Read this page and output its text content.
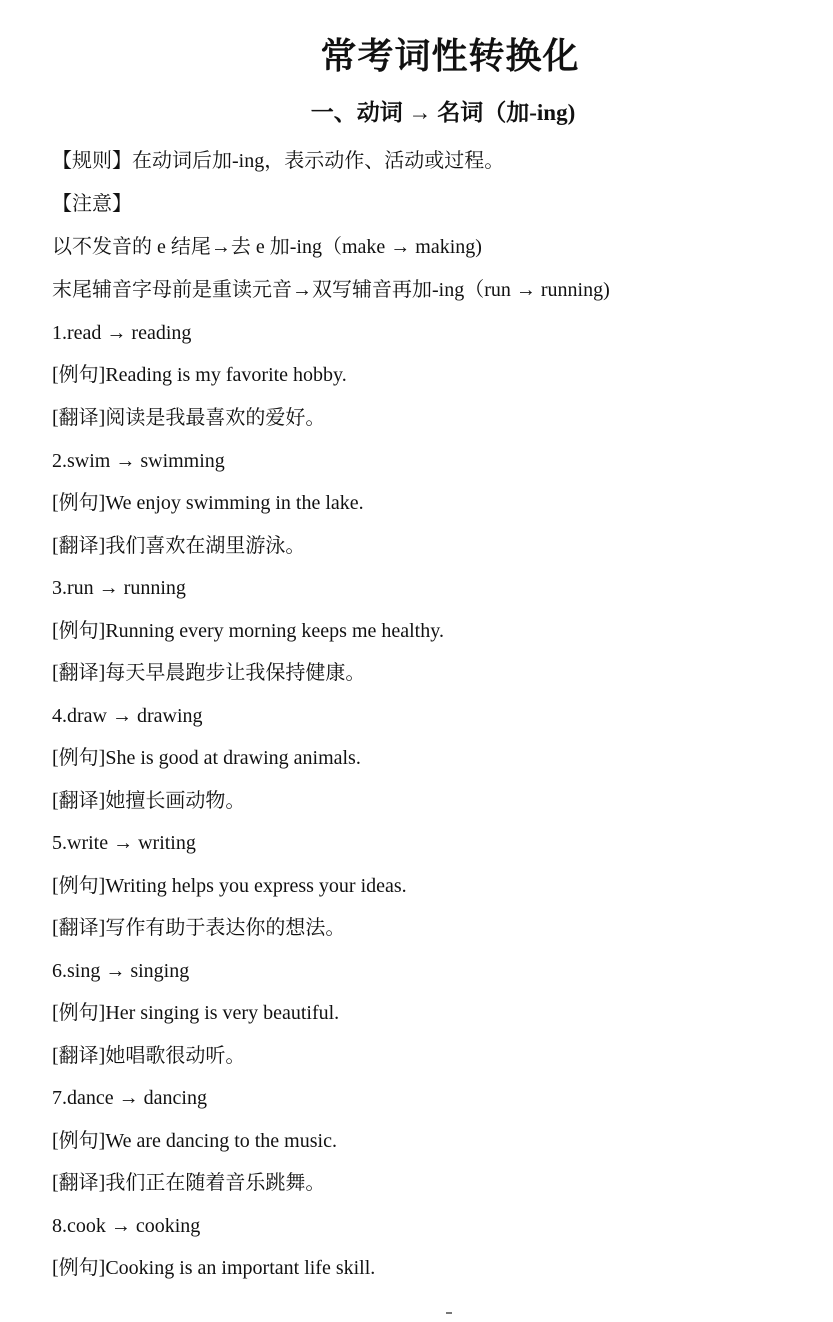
常考词性转换化
一、动词 → 名词（加-ing)
【规则】在动词后加-ing，表示动作、活动或过程。
【注意】
以不发音的 e 结尾→去 e 加-ing（make → making)
末尾辅音字母前是重读元音→双写辅音再加-ing（run → running)
1.read → reading
[例句]Reading is my favorite hobby.
[翻译]阅读是我最喜欢的爱好。
2.swim → swimming
[例句]We enjoy swimming in the lake.
[翻译]我们喜欢在湖里游泳。
3.run → running
[例句]Running every morning keeps me healthy.
[翻译]每天早晨跑步让我保持健康。
4.draw → drawing
[例句]She is good at drawing animals.
[翻译]她擅长画动物。
5.write → writing
[例句]Writing helps you express your ideas.
[翻译]写作有助于表达你的想法。
6.sing → singing
[例句]Her singing is very beautiful.
[翻译]她唱歌很动听。
7.dance → dancing
[例句]We are dancing to the music.
[翻译]我们正在随着音乐跳舞。
8.cook → cooking
[例句]Cooking is an important life skill.
